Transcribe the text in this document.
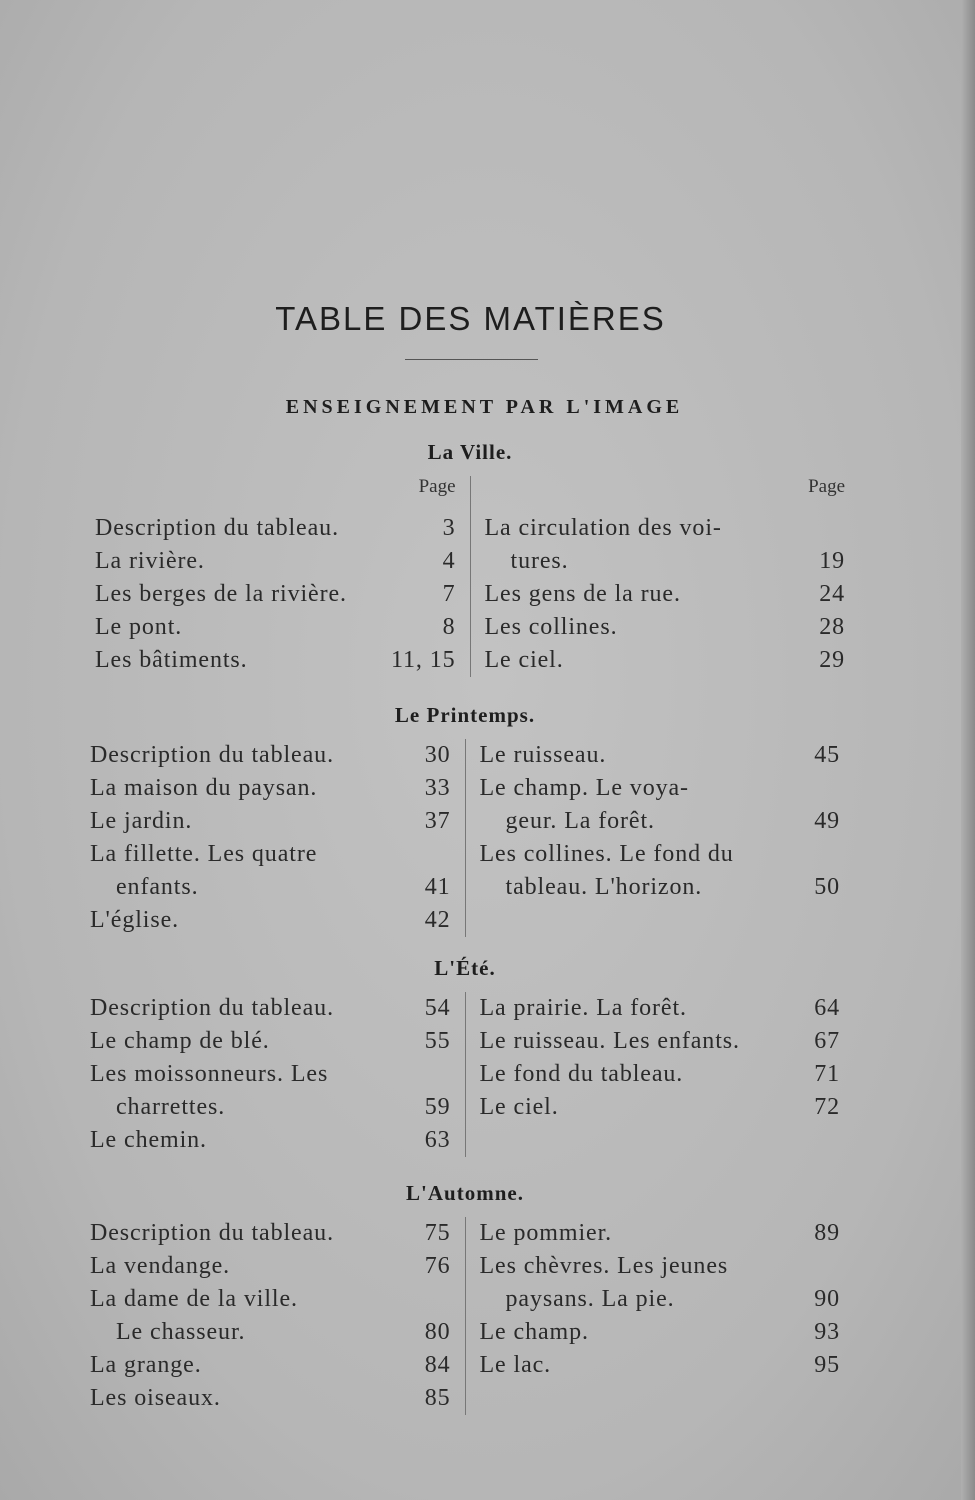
TABLE DES MATIÈRES
ENSEIGNEMENT PAR L'IMAGE
La Ville.
Page
Description du tableau.	3
La rivière.	4
Les berges de la rivière.	7
Le pont.	8
Les bâtiments.	11, 15
Page
La circulation des voi-
tures.	19
Les gens de la rue.	24
Les collines.	28
Le ciel.	29
Le Printemps.
Description du tableau.	30
La maison du paysan.	33
Le jardin.	37
La fillette. Les quatre
enfants.	41
L'église.	42
Le ruisseau.	45
Le champ. Le voya-
geur. La forêt.	49
Les collines. Le fond du
tableau. L'horizon.	50
L'Été.
Description du tableau.	54
Le champ de blé.	55
Les moissonneurs. Les
charrettes.	59
Le chemin.	63
La prairie. La forêt.	64
Le ruisseau. Les enfants.	67
Le fond du tableau.	71
Le ciel.	72
L'Automne.
Description du tableau.	75
La vendange.	76
La dame de la ville.
Le chasseur.	80
La grange.	84
Les oiseaux.	85
Le pommier.	89
Les chèvres. Les jeunes
paysans. La pie.	90
Le champ.	93
Le lac.	95
